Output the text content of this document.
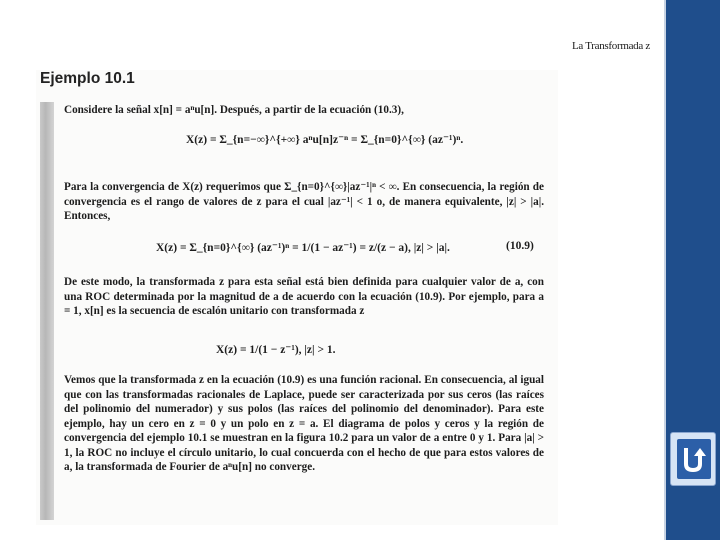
La Transformada z
Ejemplo 10.1
Considere la señal x[n] = aⁿu[n]. Después, a partir de la ecuación (10.3),
X(z) = Σ_{n=−∞}^{+∞} aⁿu[n]z⁻ⁿ = Σ_{n=0}^{∞} (az⁻¹)ⁿ.
Para la convergencia de X(z) requerimos que Σ_{n=0}^{∞}|az⁻¹|ⁿ < ∞. En consecuencia, la región de convergencia es el rango de valores de z para el cual |az⁻¹| < 1 o, de manera equivalente, |z| > |a|. Entonces,
X(z) = Σ_{n=0}^{∞} (az⁻¹)ⁿ = 1/(1 − az⁻¹) = z/(z − a), |z| > |a|.	(10.9)
De este modo, la transformada z para esta señal está bien definida para cualquier valor de a, con una ROC determinada por la magnitud de a de acuerdo con la ecuación (10.9). Por ejemplo, para a = 1, x[n] es la secuencia de escalón unitario con transformada z
X(z) = 1/(1 − z⁻¹), |z| > 1.
Vemos que la transformada z en la ecuación (10.9) es una función racional. En consecuencia, al igual que con las transformadas racionales de Laplace, puede ser caracterizada por sus ceros (las raíces del polinomio del numerador) y sus polos (las raíces del polinomio del denominador). Para este ejemplo, hay un cero en z = 0 y un polo en z = a. El diagrama de polos y ceros y la región de convergencia del ejemplo 10.1 se muestran en la figura 10.2 para un valor de a entre 0 y 1. Para |a| > 1, la ROC no incluye el círculo unitario, lo cual concuerda con el hecho de que para estos valores de a, la transformada de Fourier de aⁿu[n] no converge.
